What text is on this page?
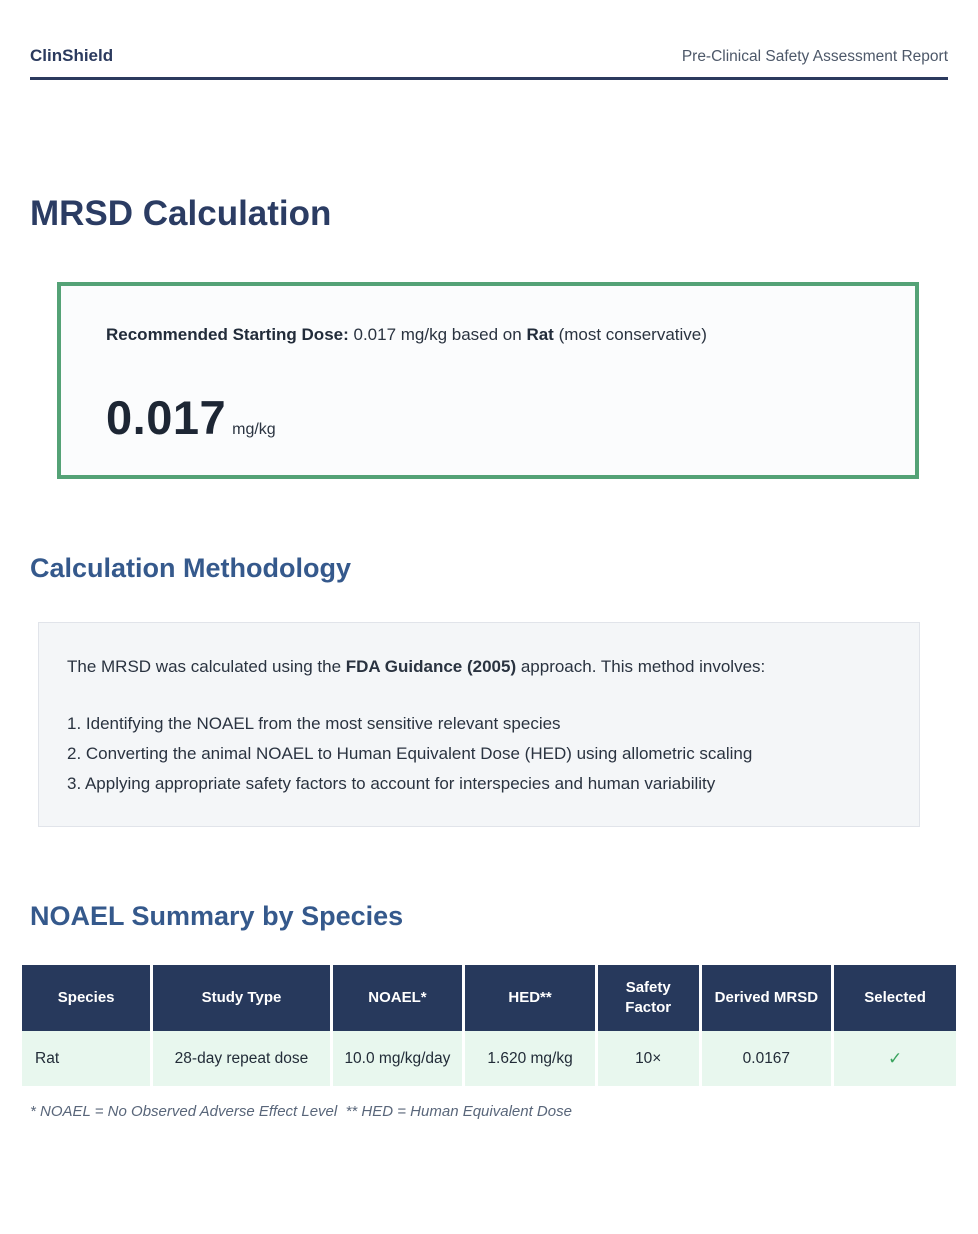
ClinShield	Pre-Clinical Safety Assessment Report
MRSD Calculation

Recommended Starting Dose: 0.017 mg/kg based on Rat (most conservative)

0.017 mg/kg
Calculation Methodology

The MRSD was calculated using the FDA Guidance (2005) approach. This method involves:

1. Identifying the NOAEL from the most sensitive relevant species

2. Converting the animal NOAEL to Human Equivalent Dose (HED) using allometric scaling

3. Applying appropriate safety factors to account for interspecies and human variability

NOAEL Summary by Species
Species	Study Type	NOAEL*	HED**	Safety Factor	Derived MRSD	Selected
Rat	28-day repeat dose	10.0 mg/kg/day	1.620 mg/kg	10×	0.0167	✓

* NOAEL = No Observed Adverse Effect Level  ** HED = Human Equivalent Dose
